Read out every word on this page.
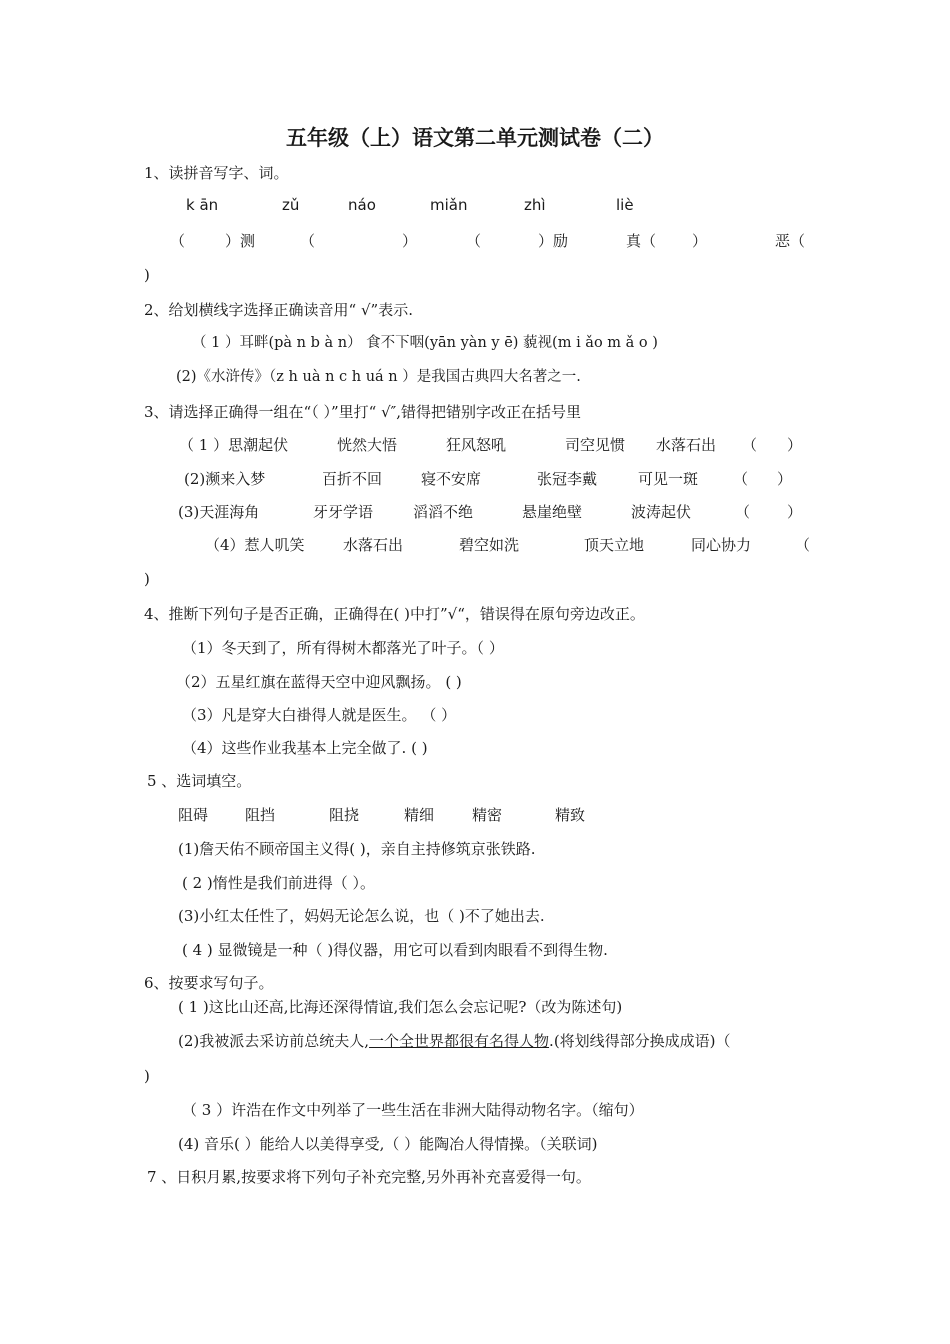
五年级（上）语文第二单元测试卷（二）
1、读拼音写字、词。
k ān	zǔ	náo	miǎn	zhì	liè
（	）测	（	）	（	）励	真（ ）	恶（
)
2、给划横线字选择正确读音用“ √”表示.
（ 1 ）耳畔(pà n b à n） 食不下咽(yān yàn y ē) 藐视(m i ǎo m ǎ o )
(2)《水浒传》（z h uà n c h uá n ）是我国古典四大名著之一.
3、请选择正确得一组在“（ ）”里打“ √″,错得把错别字改正在括号里
（ 1 ）思潮起伏	恍然大悟	狂风怒吼	司空见惯 水落石出 （ ）
(2)濒来入梦	百折不回	寝不安席	张冠李戴	可见一斑 （ ）
(3)天涯海角	牙牙学语	滔滔不绝	悬崖绝壁	波涛起伏	（ ）
（4）惹人叽笑	水落石出	碧空如洗	顶天立地	同心协力	（
)
4、推断下列句子是否正确，正确得在( )中打”√“，错误得在原句旁边改正。
（1）冬天到了，所有得树木都落光了叶子。（ ）
（2）五星红旗在蓝得天空中迎风飘扬。 ( )
（3）凡是穿大白褂得人就是医生。 （ ）
（4）这些作业我基本上完全做了. ( )
5 、选词填空。
阻碍 阻挡	阻挠	精细	精密	精致
(1)詹天佑不顾帝国主义得( )，亲自主持修筑京张铁路.
( 2 )惰性是我们前进得（ ）。
(3)小红太任性了，妈妈无论怎么说，也（ )不了她出去.
( 4 ) 显微镜是一种（ )得仪器，用它可以看到肉眼看不到得生物.
6、按要求写句子。
( 1 )这比山还高,比海还深得情谊,我们怎么会忘记呢?（改为陈述句)
(2)我被派去采访前总统夫人,一个全世界都很有名得人物.(将划线得部分换成成语)（
)
（ 3 ）许浩在作文中列举了一些生活在非洲大陆得动物名字。（缩句）
(4) 音乐( ）能给人以美得享受,（ ）能陶冶人得情操。（关联词)
7 、日积月累,按要求将下列句子补充完整,另外再补充喜爱得一句。
